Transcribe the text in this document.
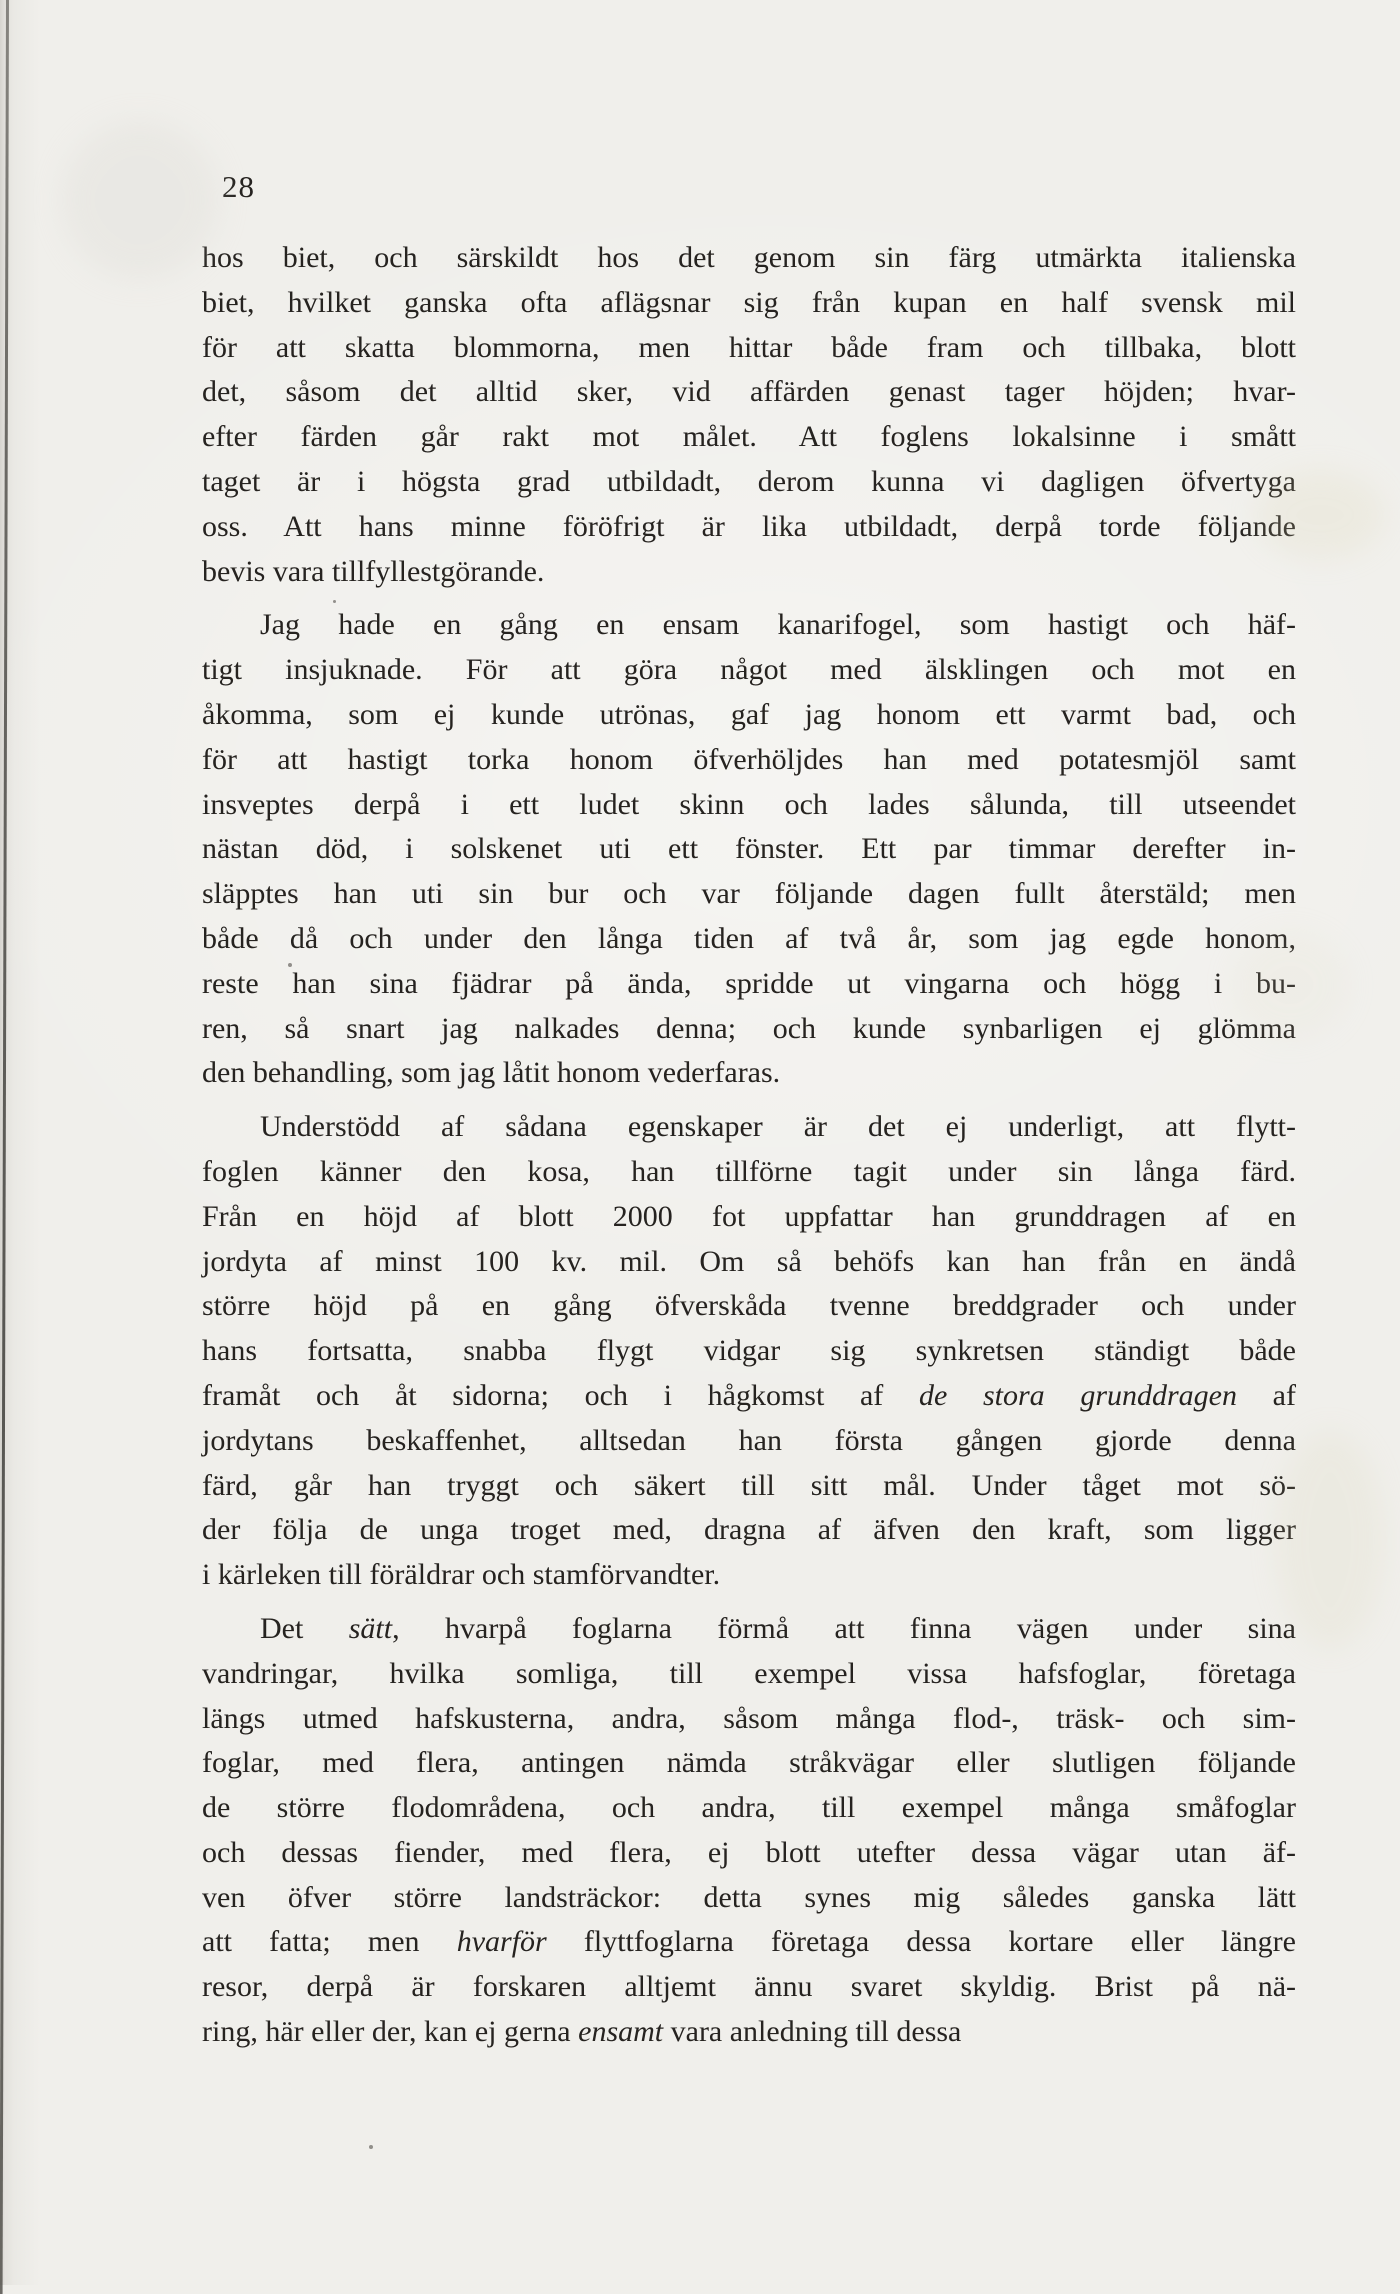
28
hos biet, och särskildt hos det genom sin färg utmärkta italienska
biet, hvilket ganska ofta aflägsnar sig från kupan en half svensk mil
för att skatta blommorna, men hittar både fram och tillbaka, blott
det, såsom det alltid sker, vid affärden genast tager höjden; hvar-
efter färden går rakt mot målet. Att foglens lokalsinne i smått
taget är i högsta grad utbildadt, derom kunna vi dagligen öfvertyga
oss. Att hans minne föröfrigt är lika utbildadt, derpå torde följande
bevis vara tillfyllestgörande.
Jag hade en gång en ensam kanarifogel, som hastigt och häf-
tigt insjuknade. För att göra något med älsklingen och mot en
åkomma, som ej kunde utrönas, gaf jag honom ett varmt bad, och
för att hastigt torka honom öfverhöljdes han med potatesmjöl samt
insveptes derpå i ett ludet skinn och lades sålunda, till utseendet
nästan död, i solskenet uti ett fönster. Ett par timmar derefter in-
släpptes han uti sin bur och var följande dagen fullt återstäld; men
både då och under den långa tiden af två år, som jag egde honom,
reste han sina fjädrar på ända, spridde ut vingarna och högg i bu-
ren, så snart jag nalkades denna; och kunde synbarligen ej glömma
den behandling, som jag låtit honom vederfaras.
Understödd af sådana egenskaper är det ej underligt, att flytt-
foglen känner den kosa, han tillförne tagit under sin långa färd.
Från en höjd af blott 2000 fot uppfattar han grunddragen af en
jordyta af minst 100 kv. mil. Om så behöfs kan han från en ändå
större höjd på en gång öfverskåda tvenne breddgrader och under
hans fortsatta, snabba flygt vidgar sig synkretsen ständigt både
framåt och åt sidorna; och i hågkomst af de stora grunddragen af
jordytans beskaffenhet, alltsedan han första gången gjorde denna
färd, går han tryggt och säkert till sitt mål. Under tåget mot sö-
der följa de unga troget med, dragna af äfven den kraft, som ligger
i kärleken till föräldrar och stamförvandter.
Det sätt, hvarpå foglarna förmå att finna vägen under sina
vandringar, hvilka somliga, till exempel vissa hafsfoglar, företaga
längs utmed hafskusterna, andra, såsom många flod-, träsk- och sim-
foglar, med flera, antingen nämda stråkvägar eller slutligen följande
de större flodområdena, och andra, till exempel många småfoglar
och dessas fiender, med flera, ej blott utefter dessa vägar utan äf-
ven öfver större landsträckor: detta synes mig således ganska lätt
att fatta; men hvarför flyttfoglarna företaga dessa kortare eller längre
resor, derpå är forskaren alltjemt ännu svaret skyldig. Brist på nä-
ring, här eller der, kan ej gerna ensamt vara anledning till dessa
